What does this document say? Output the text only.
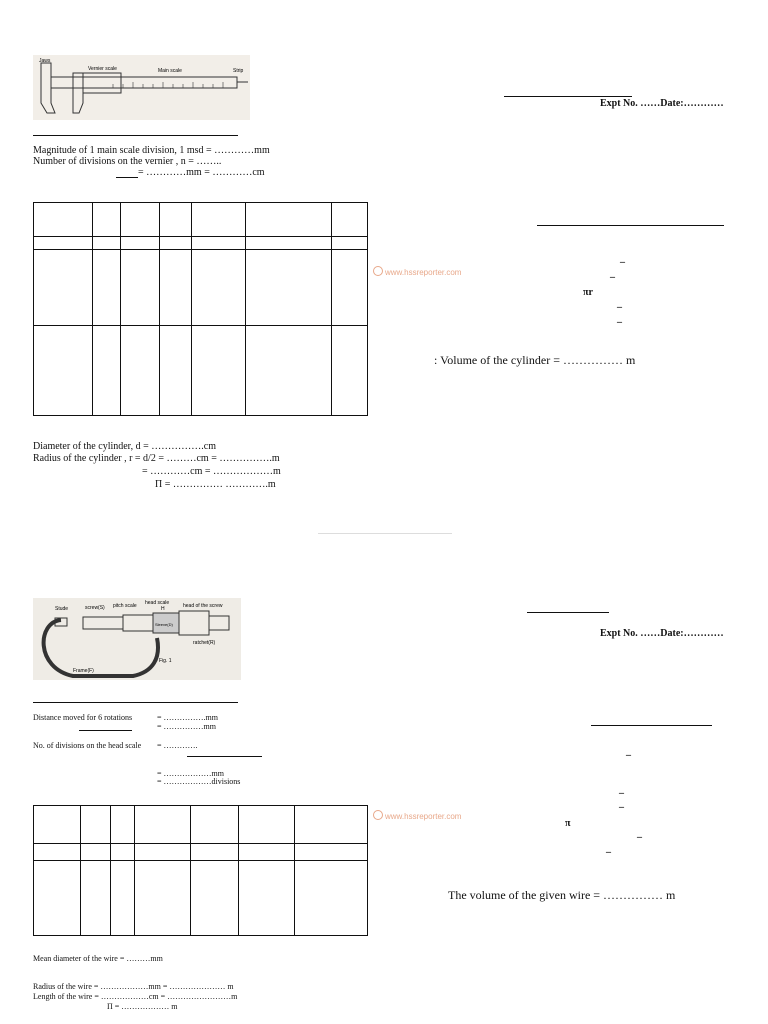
Jaws
Vernier scale	Main scale	Strip
Expt No. ……Date:…………
Magnitude of 1 main scale division, 1 msd = …………mm
Number of divisions on the vernier , n = ……..
= …………mm = …………cm

www.hssreporter.com
_
_
πr
_
_
: Volume of the cylinder = …………… m
Diameter of the cylinder, d = …………….cm
Radius of the cylinder , r = d/2 = ………cm = …………….m
= …………cm = ………………m
Π = …………… ………….m
Stude	screw(S) pitch scale head scale
H	head of the screw
Sleeve(D)
ratchet(R)
Frame(F)
Fig. 1
Expt No. ……Date:…………
Distance moved for 6 rotations	= …………….mm
= ……………mm
No. of divisions on the head scale = ………….
= ………………mm
= ………………divisions

www.hssreporter.com
_
_
_
π
_
_
The volume of the given wire = …………… m
Mean diameter of the wire = ………mm
Radius of the wire = ………………mm = ………………… m
Length of the wire = ………………cm = ……………………m
Π = ……………… m
